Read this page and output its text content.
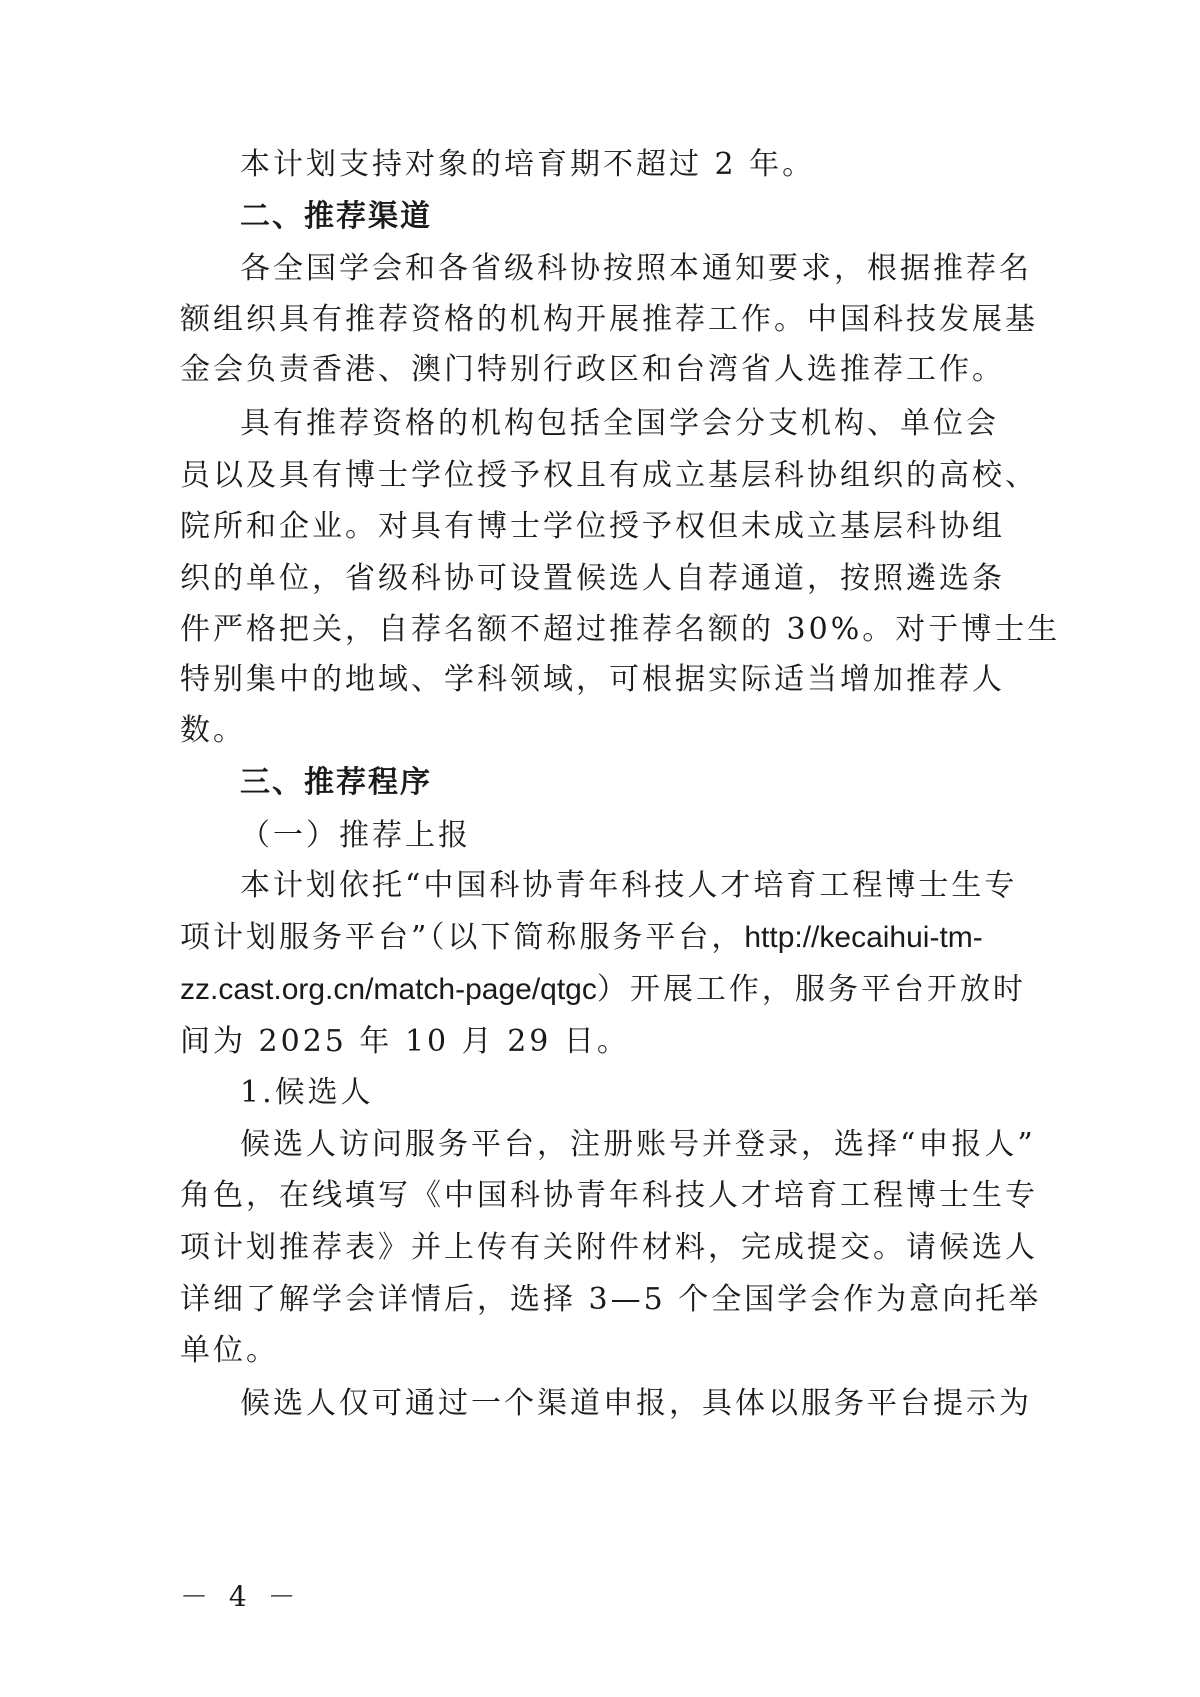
本计划支持对象的培育期不超过 2 年。

二、推荐渠道

各全国学会和各省级科协按照本通知要求，根据推荐名

额组织具有推荐资格的机构开展推荐工作。中国科技发展基

金会负责香港、澳门特别行政区和台湾省人选推荐工作。

具有推荐资格的机构包括全国学会分支机构、单位会

员以及具有博士学位授予权且有成立基层科协组织的高校、

院所和企业。对具有博士学位授予权但未成立基层科协组

织的单位，省级科协可设置候选人自荐通道，按照遴选条

件严格把关，自荐名额不超过推荐名额的 30%。对于博士生

特别集中的地域、学科领域，可根据实际适当增加推荐人

数。

三、推荐程序

（一）推荐上报

本计划依托“中国科协青年科技人才培育工程博士生专

项计划服务平台”（以下简称服务平台，http://kecaihui-tm-

zz.cast.org.cn/match-page/qtgc）开展工作，服务平台开放时

间为 2025 年 10 月 29 日。

1.候选人

候选人访问服务平台，注册账号并登录，选择“申报人”

角色，在线填写《中国科协青年科技人才培育工程博士生专

项计划推荐表》并上传有关附件材料，完成提交。请候选人

详细了解学会详情后，选择 3—5 个全国学会作为意向托举

单位。

候选人仅可通过一个渠道申报，具体以服务平台提示为

－ 4 －
